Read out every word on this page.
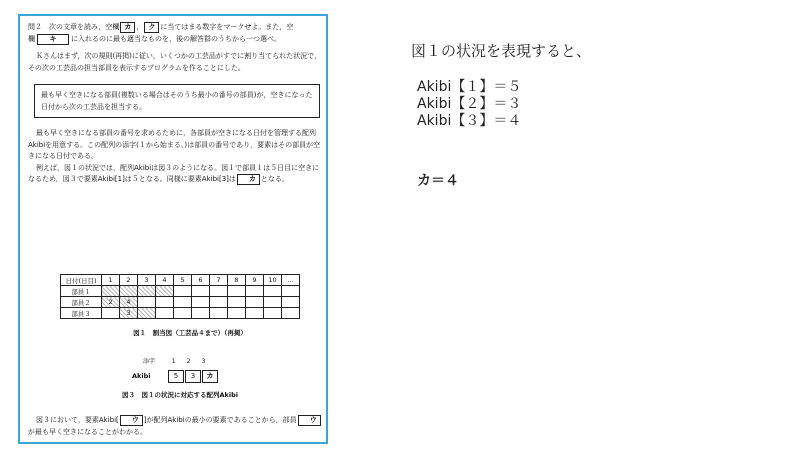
問２　次の文章を読み，空欄 カ ， ク に当てはまる数字をマークせよ。また，空
欄 キ に入れるのに最も適当なものを，後の解答群のうちから一つ選べ。
Ｋさんはまず，次の規則(再掲)に従い，いくつかの工芸品がすでに割り当てられた状況で，その次の工芸品の担当部員を表示するプログラムを作ることにした。
最も早く空きになる部員(複数いる場合はそのうち最小の番号の部員)が，空きになった日付から次の工芸品を担当する。
最も早く空きになる部員の番号を求めるために，各部員が空きになる日付を管理する配列Akibiを用意する。この配列の添字(１から始まる。)は部員の番号であり，要素はその部員が空きになる日付である。
例えば，図１の状況では，配列Akibiは図３のようになる。図１で部員１は５日目に空きになるため，図３で要素Akibi[1]は５となる。同様に要素Akibi[3]は カ となる。
日付(日目)	1	2	3	4	5	6	7	8	9	10	…
部員１											
部員２	2	4									
部員３		3									
図１　割当図（工芸品４まで）（再掲）
添字	1 2 3
Akibi	5	3	カ
図３　図１の状況に対応する配列Akibi
図３において，要素Akibi[ ウ ]が配列Akibiの最小の要素であることから，部員 ウが最も早く空きになることがわかる。
図１の状況を表現すると、
Akibi【１】＝５
Akibi【２】＝３
Akibi【３】＝４
カ＝４
